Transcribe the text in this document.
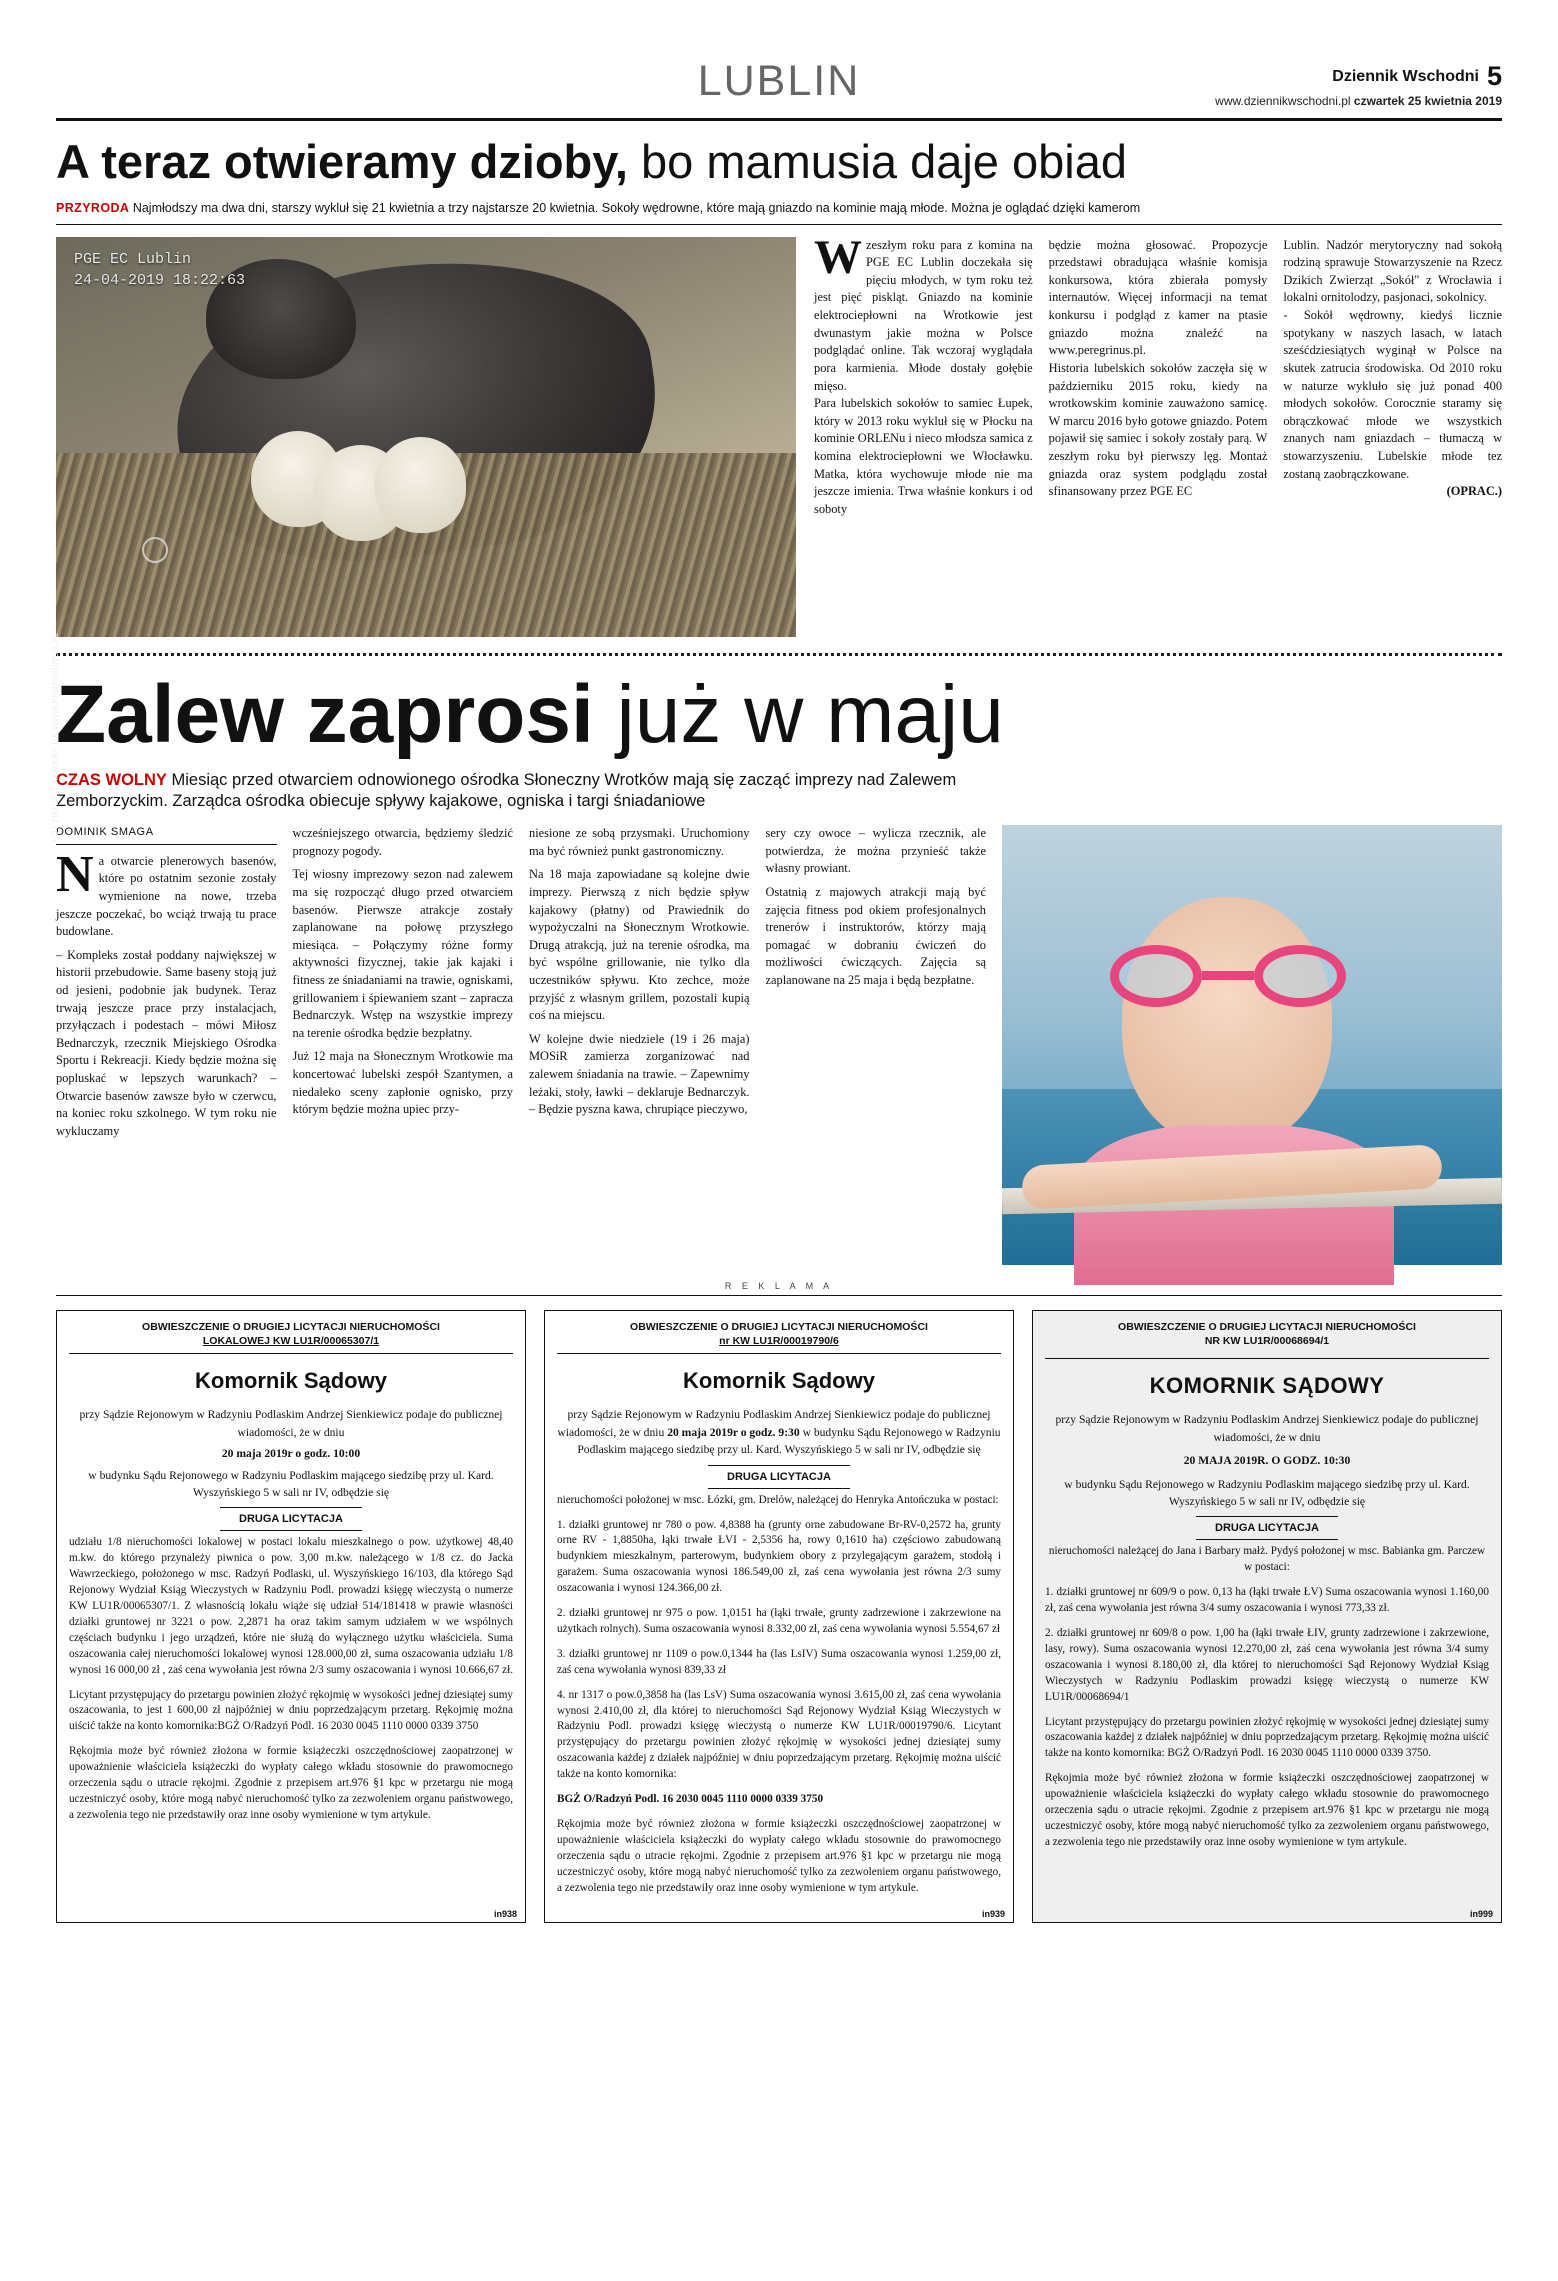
LUBLIN	Dziennik Wschodni 5
www.dziennikwschodni.pl czwartek 25 kwietnia 2019
A teraz otwieramy dzioby, bo mamusia daje obiad
PRZYRODA Najmłodszy ma dwa dni, starszy wykluł się 21 kwietnia a trzy najstarsze 20 kwietnia. Sokoły wędrowne, które mają gniazdo na kominie mają młode. Można je oglądać dzięki kamerom
PGE EC Lublin
24-04-2019 18:22:63
FOT.ZRZUT Z KAMERY NA WWW.PEREGRINUS.PL

Wzeszłym roku para z komina na PGE EC Lublin doczekała się pięciu młodych, w tym roku też jest pięć piskląt. Gniazdo na kominie elektrociepłowni na Wrotkowie jest dwunastym jakie można w Polsce podglądać online. Tak wczoraj wyglądała pora karmienia. Młode dostały gołębie mięso.

Para lubelskich sokołów to samiec Łupek, który w 2013 roku wykluł się w Płocku na kominie ORLENu i nieco młodsza samica z komina elektrociepłowni we Włocławku. Matka, która wychowuje młode nie ma jeszcze imienia. Trwa właśnie konkurs i od soboty

będzie można głosować. Propozycje przedstawi obradująca właśnie komisja konkursowa, która zbierała pomysły internautów. Więcej informacji na temat konkursu i podgląd z kamer na ptasie gniazdo można znaleźć na www.peregrinus.pl.

Historia lubelskich sokołów zaczęła się w październiku 2015 roku, kiedy na wrotkowskim kominie zauważono samicę. W marcu 2016 było gotowe gniazdo. Potem pojawił się samiec i sokoły zostały parą. W zeszłym roku był pierwszy lęg. Montaż gniazda oraz system podglądu został sfinansowany przez PGE EC

Lublin. Nadzór merytoryczny nad sokołą rodziną sprawuje Stowarzyszenie na Rzecz Dzikich Zwierząt „Sokół" z Wrocławia i lokalni ornitolodzy, pasjonaci, sokolnicy.

- Sokół wędrowny, kiedyś licznie spotykany w naszych lasach, w latach sześćdziesiątych wyginął w Polsce na skutek zatrucia środowiska. Od 2010 roku w naturze wykluło się już ponad 400 młodych sokołów. Corocznie staramy się obrączkować młode we wszystkich znanych nam gniazdach – tłumaczą w stowarzyszeniu. Lubelskie młode tez zostaną zaobrączkowane.

(OPRAC.)

Zalew zaprosi już w maju
CZAS WOLNY Miesiąc przed otwarciem odnowionego ośrodka Słoneczny Wrotków mają się zacząć imprezy nad Zalewem Zemborzyckim. Zarządca ośrodka obiecuje spływy kajakowe, ogniska i targi śniadaniowe
DOMINIK SMAGA

Na otwarcie plenerowych basenów, które po ostatnim sezonie zostały wymienione na nowe, trzeba jeszcze poczekać, bo wciąż trwają tu prace budowlane.

– Kompleks został poddany największej w historii przebudowie. Same baseny stoją już od jesieni, podobnie jak budynek. Teraz trwają jeszcze prace przy instalacjach, przyłączach i podestach – mówi Miłosz Bednarczyk, rzecznik Miejskiego Ośrodka Sportu i Rekreacji. Kiedy będzie można się popluskać w lepszych warunkach? – Otwarcie basenów zawsze było w czerwcu, na koniec roku szkolnego. W tym roku nie wykluczamy

wcześniejszego otwarcia, będziemy śledzić prognozy pogody.

Tej wiosny imprezowy sezon nad zalewem ma się rozpocząć długo przed otwarciem basenów. Pierwsze atrakcje zostały zaplanowane na połowę przyszłego miesiąca. – Połączymy różne formy aktywności fizycznej, takie jak kajaki i fitness ze śniadaniami na trawie, ogniskami, grillowaniem i śpiewaniem szant – zapracza Bednarczyk. Wstęp na wszystkie imprezy na terenie ośrodka będzie bezpłatny.

Już 12 maja na Słonecznym Wrotkowie ma koncertować lubelski zespół Szantymen, a niedaleko sceny zapłonie ognisko, przy którym będzie można upiec przy-

niesione ze sobą przysmaki. Uruchomiony ma być również punkt gastronomiczny.

Na 18 maja zapowiadane są kolejne dwie imprezy. Pierwszą z nich będzie spływ kajakowy (płatny) od Prawiednik do wypożyczalni na Słonecznym Wrotkowie. Drugą atrakcją, już na terenie ośrodka, ma być wspólne grillowanie, nie tylko dla uczestników spływu. Kto zechce, może przyjść z własnym grillem, pozostali kupią coś na miejscu.

W kolejne dwie niedziele (19 i 26 maja) MOSiR zamierza zorganizować nad zalewem śniadania na trawie. – Zapewnimy leżaki, stoły, ławki – deklaruje Bednarczyk. – Będzie pyszna kawa, chrupiące pieczywo,

sery czy owoce – wylicza rzecznik, ale potwierdza, że można przynieść także własny prowiant.

Ostatnią z majowych atrakcji mają być zajęcia fitness pod okiem profesjonalnych trenerów i instruktorów, którzy mają pomagać w dobraniu ćwiczeń do możliwości ćwiczących. Zajęcia są zaplanowane na 25 maja i będą bezpłatne.

R E K L A M A
OBWIESZCZENIE O DRUGIEJ LICYTACJI NIERUCHOMOŚCI
LOKALOWEJ KW LU1R/00065307/1
Komornik Sądowy
przy Sądzie Rejonowym w Radzyniu Podlaskim Andrzej Sienkiewicz podaje do publicznej wiadomości, że w dniu
20 maja 2019r o godz. 10:00
w budynku Sądu Rejonowego w Radzyniu Podlaskim mającego siedzibę przy ul. Kard. Wyszyńskiego 5 w sali nr IV, odbędzie się
DRUGA LICYTACJA

udziału 1/8 nieruchomości lokalowej w postaci lokalu mieszkalnego o pow. użytkowej 48,40 m.kw. do którego przynależy piwnica o pow. 3,00 m.kw. należącego w 1/8 cz. do Jacka Wawrzeckiego, położonego w msc. Radzyń Podlaski, ul. Wyszyńskiego 16/103, dla którego Sąd Rejonowy Wydział Ksiąg Wieczystych w Radzyniu Podl. prowadzi księgę wieczystą o numerze KW LU1R/00065307/1. Z własnością lokalu wiąże się udział 514/181418 w prawie własności działki gruntowej nr 3221 o pow. 2,2871 ha oraz takim samym udziałem w we wspólnych częściach budynku i jego urządzeń, które nie służą do wyłącznego użytku właściciela. Suma oszacowania całej nieruchomości lokalowej wynosi 128.000,00 zł, suma oszacowania udziału 1/8 wynosi 16 000,00 zł , zaś cena wywołania jest równa 2/3 sumy oszacowania i wynosi 10.666,67 zł.

Licytant przystępujący do przetargu powinien złożyć rękojmię w wysokości jednej dziesiątej sumy oszacowania, to jest 1 600,00 zł najpóźniej w dniu poprzedzającym przetarg. Rękojmię można uiścić także na konto komornika:BGŻ O/Radzyń Podl. 16 2030 0045 1110 0000 0339 3750

Rękojmia może być również złożona w formie książeczki oszczędnościowej zaopatrzonej w upoważnienie właściciela książeczki do wypłaty całego wkładu stosownie do prawomocnego orzeczenia sądu o utracie rękojmi. Zgodnie z przepisem art.976 §1 kpc w przetargu nie mogą uczestniczyć osoby, które mogą nabyć nieruchomość tylko za zezwoleniem organu państwowego, a zezwolenia tego nie przedstawiły oraz inne osoby wymienione w tym artykule.

in938
OBWIESZCZENIE O DRUGIEJ LICYTACJI NIERUCHOMOŚCI
nr KW LU1R/00019790/6
Komornik Sądowy
przy Sądzie Rejonowym w Radzyniu Podlaskim Andrzej Sienkiewicz podaje do publicznej wiadomości, że w dniu 20 maja 2019r o godz. 9:30 w budynku Sądu Rejonowego w Radzyniu Podlaskim mającego siedzibę przy ul. Kard. Wyszyńskiego 5 w sali nr IV, odbędzie się
DRUGA LICYTACJA

nieruchomości położonej w msc. Łózki, gm. Drelów, należącej do Henryka Antończuka w postaci:

1. działki gruntowej nr 780 o pow. 4,8388 ha (grunty orne zabudowane Br-RV-0,2572 ha, grunty orne RV - 1,8850ha, łąki trwałe ŁVI - 2,5356 ha, rowy 0,1610 ha) częściowo zabudowaną budynkiem mieszkalnym, parterowym, budynkiem obory z przylegającym garażem, stodołą i garażem. Suma oszacowania wynosi 186.549,00 zł, zaś cena wywołania jest równa 2/3 sumy oszacowania i wynosi 124.366,00 zł.

2. działki gruntowej nr 975 o pow. 1,0151 ha (łąki trwałe, grunty zadrzewione i zakrzewione na użytkach rolnych). Suma oszacowania wynosi 8.332,00 zł, zaś cena wywołania wynosi 5.554,67 zł

3. działki gruntowej nr 1109 o pow.0,1344 ha (las LsIV) Suma oszacowania wynosi 1.259,00 zł, zaś cena wywołania wynosi 839,33 zł

4. nr 1317 o pow.0,3858 ha (las LsV) Suma oszacowania wynosi 3.615,00 zł, zaś cena wywołania wynosi 2.410,00 zł, dla której to nieruchomości Sąd Rejonowy Wydział Ksiąg Wieczystych w Radzyniu Podl. prowadzi księgę wieczystą o numerze KW LU1R/00019790/6. Licytant przystępujący do przetargu powinien złożyć rękojmię w wysokości jednej dziesiątej sumy oszacowania każdej z działek najpóźniej w dniu poprzedzającym przetarg. Rękojmię można uiścić także na konto komornika:

BGŻ O/Radzyń Podl. 16 2030 0045 1110 0000 0339 3750

Rękojmia może być również złożona w formie książeczki oszczędnościowej zaopatrzonej w upoważnienie właściciela książeczki do wypłaty całego wkładu stosownie do prawomocnego orzeczenia sądu o utracie rękojmi. Zgodnie z przepisem art.976 §1 kpc w przetargu nie mogą uczestniczyć osoby, które mogą nabyć nieruchomość tylko za zezwoleniem organu państwowego, a zezwolenia tego nie przedstawiły oraz inne osoby wymienione w tym artykule.

in939
OBWIESZCZENIE O DRUGIEJ LICYTACJI NIERUCHOMOŚCI
NR KW LU1R/00068694/1
KOMORNIK SĄDOWY
przy Sądzie Rejonowym w Radzyniu Podlaskim Andrzej Sienkiewicz podaje do publicznej wiadomości, że w dniu
20 MAJA 2019R. O GODZ. 10:30
w budynku Sądu Rejonowego w Radzyniu Podlaskim mającego siedzibę przy ul. Kard. Wyszyńskiego 5 w sali nr IV, odbędzie się
DRUGA LICYTACJA

nieruchomości należącej do Jana i Barbary małż. Pydyś położonej w msc. Babianka gm. Parczew w postaci:

1. działki gruntowej nr 609/9 o pow. 0,13 ha (łąki trwałe ŁV) Suma oszacowania wynosi 1.160,00 zł, zaś cena wywołania jest równa 3/4 sumy oszacowania i wynosi 773,33 zł.

2. działki gruntowej nr 609/8 o pow. 1,00 ha (łąki trwałe ŁIV, grunty zadrzewione i zakrzewione, lasy, rowy). Suma oszacowania wynosi 12.270,00 zł, zaś cena wywołania jest równa 3/4 sumy oszacowania i wynosi 8.180,00 zł, dla której to nieruchomości Sąd Rejonowy Wydział Ksiąg Wieczystych w Radzyniu Podlaskim prowadzi księgę wieczystą o numerze KW LU1R/00068694/1

Licytant przystępujący do przetargu powinien złożyć rękojmię w wysokości jednej dziesiątej sumy oszacowania każdej z działek najpóźniej w dniu poprzedzającym przetarg. Rękojmię można uiścić także na konto komornika: BGŻ O/Radzyń Podl. 16 2030 0045 1110 0000 0339 3750.

Rękojmia może być również złożona w formie książeczki oszczędnościowej zaopatrzonej w upoważnienie właściciela książeczki do wypłaty całego wkładu stosownie do prawomocnego orzeczenia sądu o utracie rękojmi. Zgodnie z przepisem art.976 §1 kpc w przetargu nie mogą uczestniczyć osoby, które mogą nabyć nieruchomość tylko za zezwoleniem organu państwowego, a zezwolenia tego nie przedstawiły oraz inne osoby wymienione w tym artykule.

in999
